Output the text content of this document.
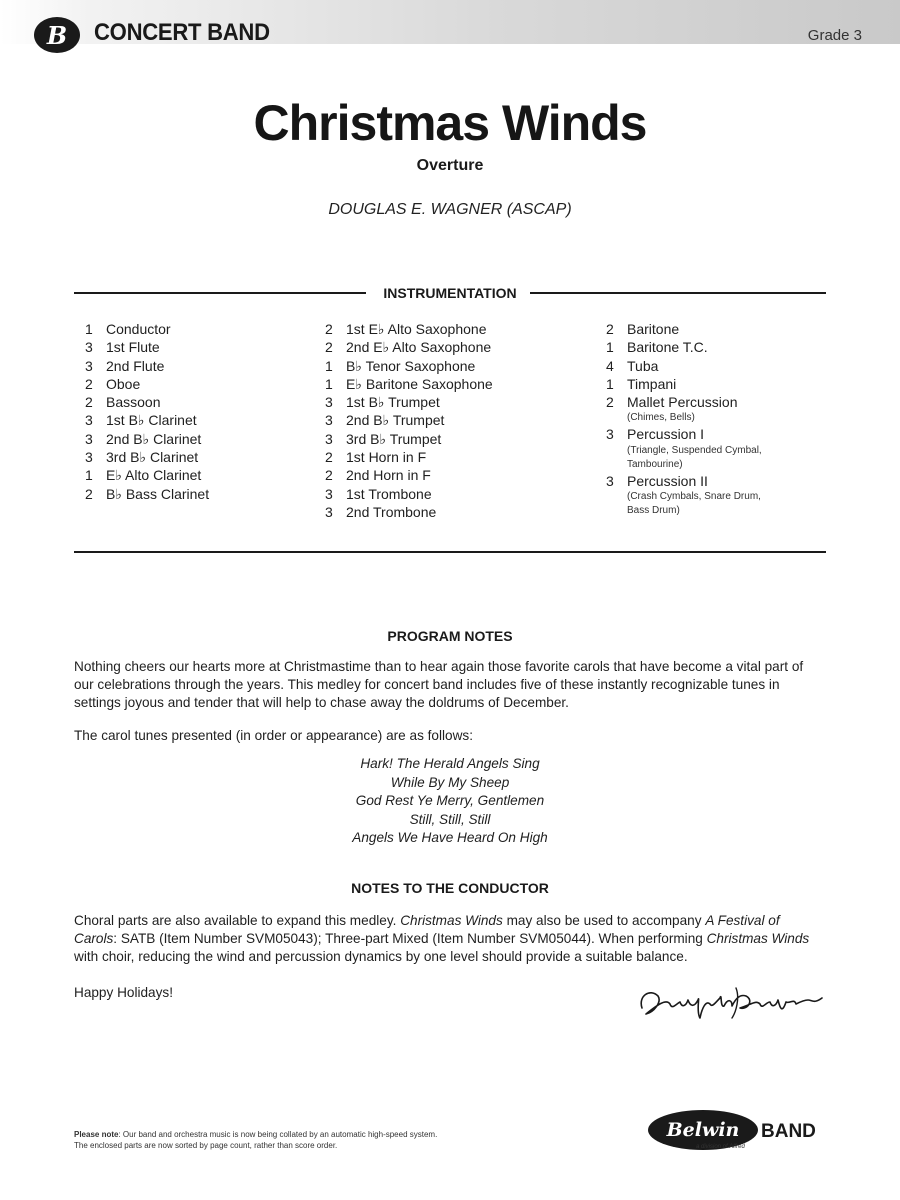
B CONCERT BAND	Grade 3
Christmas Winds
Overture
DOUGLAS E. WAGNER (ASCAP)
INSTRUMENTATION
1 Conductor
3 1st Flute
3 2nd Flute
2 Oboe
2 Bassoon
3 1st B♭ Clarinet
3 2nd B♭ Clarinet
3 3rd B♭ Clarinet
1 E♭ Alto Clarinet
2 B♭ Bass Clarinet
2 1st E♭ Alto Saxophone
2 2nd E♭ Alto Saxophone
1 B♭ Tenor Saxophone
1 E♭ Baritone Saxophone
3 1st B♭ Trumpet
3 2nd B♭ Trumpet
3 3rd B♭ Trumpet
2 1st Horn in F
2 2nd Horn in F
3 1st Trombone
3 2nd Trombone
2 Baritone
1 Baritone T.C.
4 Tuba
1 Timpani
2 Mallet Percussion
(Chimes, Bells)
3 Percussion I
(Triangle, Suspended Cymbal,
Tambourine)
3 Percussion II
(Crash Cymbals, Snare Drum,
Bass Drum)
PROGRAM NOTES
Nothing cheers our hearts more at Christmastime than to hear again those favorite carols that have become a vital part of our celebrations through the years. This medley for concert band includes five of these instantly recognizable tunes in settings joyous and tender that will help to chase away the doldrums of December.
The carol tunes presented (in order or appearance) are as follows:
Hark! The Herald Angels Sing
While By My Sheep
God Rest Ye Merry, Gentlemen
Still, Still, Still
Angels We Have Heard On High
NOTES TO THE CONDUCTOR
Choral parts are also available to expand this medley. Christmas Winds may also be used to accompany A Festival of Carols: SATB (Item Number SVM05043); Three-part Mixed (Item Number SVM05044). When performing Christmas Winds with choir, reducing the wind and percussion dynamics by one level should provide a suitable balance.
Happy Holidays!
Please note: Our band and orchestra music is now being collated by an automatic high-speed system.
The enclosed parts are now sorted by page count, rather than score order.
Belwin BAND
a division of Alfred
